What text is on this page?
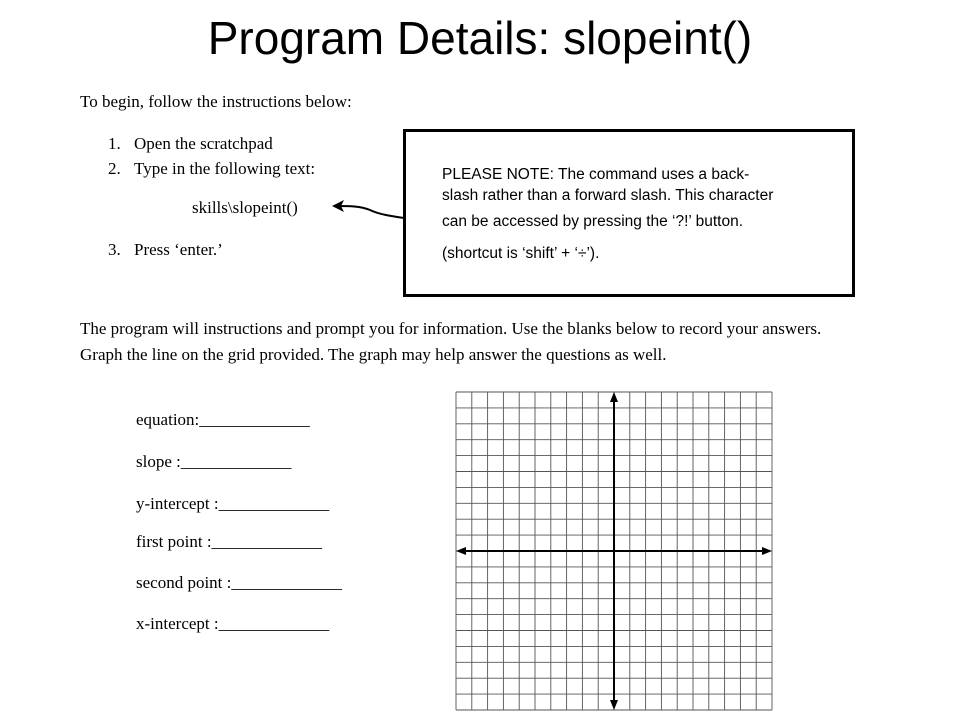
Program Details: slopeint()
To begin, follow the instructions below:
1. Open the scratchpad
2. Type in the following text:
skills\slopeint()
3. Press ‘enter.’
PLEASE NOTE: The command uses a back-
slash rather than a forward slash. This character
can be accessed by pressing the ‘?!’ button.
(shortcut is ‘shift’ + ‘÷’).
The program will instructions and prompt you for information. Use the blanks below to record your answers. Graph the line on the grid provided. The graph may help answer the questions as well.
equation:_____________
slope :_____________
y-intercept :_____________
first point :_____________
second point :_____________
x-intercept :_____________
